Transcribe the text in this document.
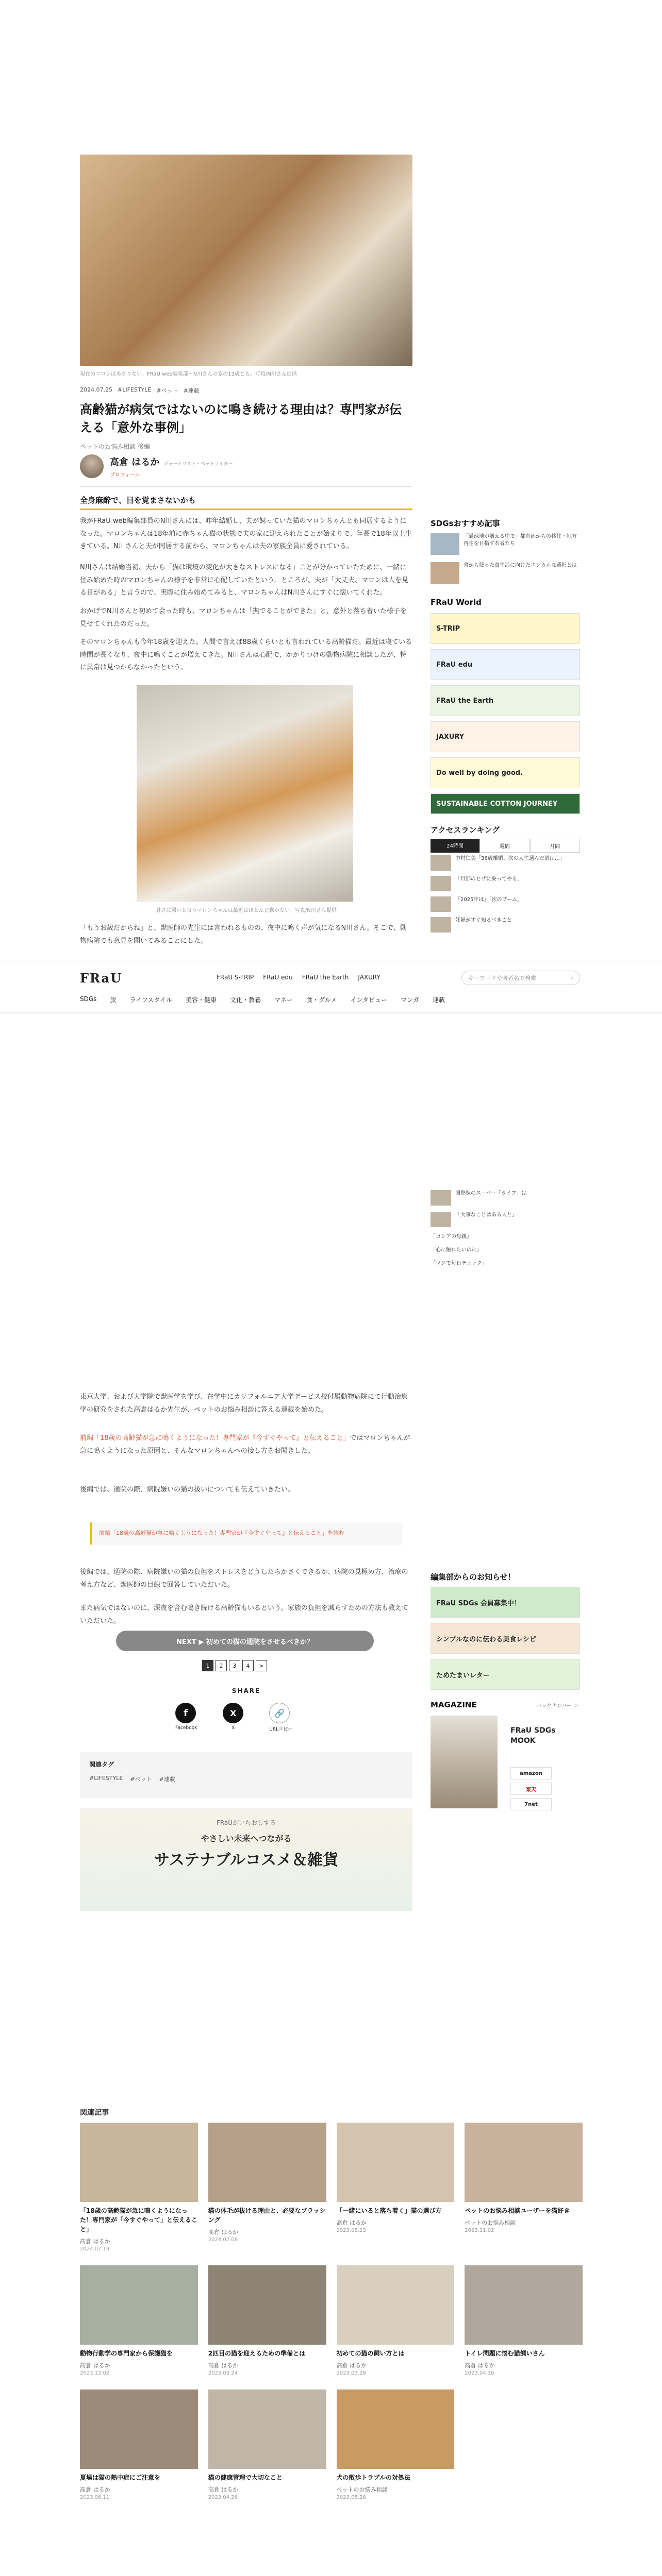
現在のマロンはあまりない。FRaU web編集部・N川さんの家の13歳とも。写真/N川さん提供
2024.07.25 #LIFESTYLE #ペット #連載
高齢猫が病気ではないのに鳴き続ける理由は？専門家が伝える「意外な事例」
ペットのお悩み相談 後編
高倉 はるか ジャーナリスト・ペットライター
プロフィール
全身麻酔で、目を覚まさないかも
我がFRaU web編集部員のN川さんには、昨年結婚し、夫が飼っていた猫のマロンちゃんとも同居するようになった。マロンちゃんは18年前に赤ちゃん猫の状態で夫の家に迎えられたことが始まりで、年長で18年以上生きている。N川さんと夫が同居する前から、マロンちゃんは夫の家族全員に愛されている。
N川さんは結婚当初、夫から「猫は環境の変化が大きなストレスになる」ことが分かっていたために、一緒に住み始めた時のマロンちゃんの様子を非常に心配していたという。ところが、夫が「大丈夫、マロンは人を見る目がある」と言うので、実際に住み始めてみると、マロンちゃんはN川さんにすぐに懐いてくれた。
おかげでN川さんと初めて会った時も、マロンちゃんは「撫でることができた」と、意外と落ち着いた様子を見せてくれたのだった。
そのマロンちゃんも今年18歳を迎えた。人間で言えば88歳くらいとも言われている高齢猫だ。最近は寝ている時間が長くなり、夜中に鳴くことが増えてきた。N川さんは心配で、かかりつけの動物病院に相談したが、特に異常は見つからなかったという。
暑さに弱いと言うマロンちゃんは最近はほとんど動かない。写真/N川さん提供
「もうお歳だからね」と、獣医師の先生には言われるものの、夜中に鳴く声が気になるN川さん。そこで、動物病院でも意見を聞いてみることにした。
FRaU	FRaU S-TRIP FRaU edu FRaU the Earth JAXURY	キーワードや著者名で検索	⌕
SDGs 旅 ライフスタイル 美容・健康 文化・教養 マネー 食・グルメ インタビュー マンガ 連載
東京大学、および大学院で獣医学を学び、在学中にカリフォルニア大学デービス校付属動物病院にて行動治療学の研究をされた高倉はるか先生が、ペットのお悩み相談に答える連載を始めた。
前編「18歳の高齢猫が急に鳴くようになった！専門家が『今すぐやって』と伝えること」ではマロンちゃんが急に鳴くようになった原因と、そんなマロンちゃんへの接し方をお聞きした。
後編では、通院の際、病院嫌いの猫の扱いについても伝えていきたい。
前編「18歳の高齢猫が急に鳴くようになった！専門家が『今すぐやって』と伝えること」を読む
後編では、通院の際、病院嫌いの猫の負担をストレスをどうしたらかさくできるか、病院の見極め方、治療の考え方など、獣医師の目線で回答していただいた。
また病気ではないのに、深夜を含む鳴き続ける高齢猫もいるという。家族の負担を減らすための方法も教えていただいた。
NEXT ▶ 初めての猫の通院をさせるべきか？
1	2	3	4	>
SHARE
f
Facebook
X
X
🔗
URLコピー
関連タグ
#LIFESTYLE #ペット #連載
FRaUがいちおしする
やさしい未来へつながる
サステナブルコスメ＆雑貨
SDGsおすすめ記事
「過疎地が増える中で」都市部からの移住・地方再生を目指す若者たち
書から使った食生活に向けたエシカルな選択とは
FRaU World
S-TRIP
FRaU edu
FRaU the Earth
JAXURY
Do well by doing good.
SUSTAINABLE COTTON JOURNEY
アクセスランキング
24時間	週間	月間
中村仁美「36歳離婚、次の人生選んだ道は…」
「旦那のヒザに乗ってやる」
「2025年は」「次のブーム」
妊婦がすぐ知るべきこと
国際線のスーパー「ライフ」は
「大事なことはある人と」
「ロシアの母親」
「心に触れたいのに」
「マジで毎日チェック」
編集部からのお知らせ！
FRaU SDGs 会員募集中！
シンプルなのに伝わる美食レシピ
ためたまいレター
MAGAZINE	バックナンバー ＞
FRaU SDGs MOOK
amazon
楽天
7net
関連記事
「18歳の高齢猫が急に鳴くようになった！専門家が「今すぐやって」と伝えること」
高倉 はるか
2024.07.19
猫の体毛が抜ける理由と、必要なブラッシング
高倉 はるか
2024.02.08
「一緒にいると落ち着く」猫の選び方
高倉 はるか
2023.08.23
ペットのお悩み相談ユーザーを猫好き
ペットのお悩み相談
2023.11.02
動物行動学の専門家から保護猫を
高倉 はるか
2023.12.02
2匹目の猫を迎えるための準備とは
高倉 はるか
2023.03.24
初めての猫の飼い方とは
高倉 はるか
2023.03.28
トイレ問題に悩む猫飼いさん
高倉 はるか
2023.04.10
夏場は猫の熱中症にご注意を
高倉 はるか
2023.08.11
猫の健康管理で大切なこと
高倉 はるか
2023.04.26
犬の散歩トラブルの対処法
ペットのお悩み相談
2023.05.26
